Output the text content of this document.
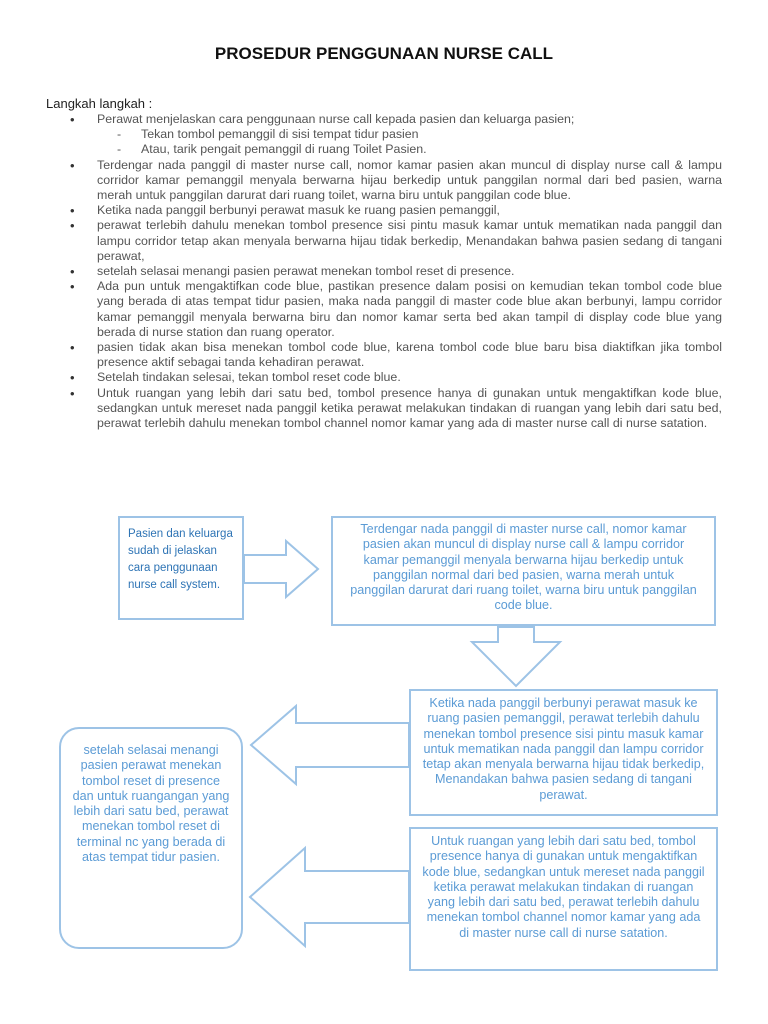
PROSEDUR PENGGUNAAN NURSE CALL
Langkah langkah :
• Perawat menjelaskan cara penggunaan nurse call kepada pasien dan keluarga pasien;
- Tekan tombol pemanggil di sisi tempat tidur pasien
- Atau, tarik pengait pemanggil di ruang Toilet Pasien.
• Terdengar nada panggil di master nurse call, nomor kamar pasien akan muncul di display nurse call & lampu corridor kamar pemanggil menyala berwarna hijau berkedip untuk panggilan normal dari bed pasien, warna merah untuk panggilan darurat dari ruang toilet, warna biru untuk panggilan code blue.
• Ketika nada panggil berbunyi perawat masuk ke ruang pasien pemanggil,
• perawat terlebih dahulu menekan tombol presence sisi pintu masuk kamar untuk mematikan nada panggil dan lampu corridor tetap akan menyala berwarna hijau tidak berkedip, Menandakan bahwa pasien sedang di tangani perawat,
• setelah selasai menangi pasien perawat menekan tombol reset di presence.
• Ada pun untuk mengaktifkan code blue, pastikan presence dalam posisi on kemudian tekan tombol code blue yang berada di atas tempat tidur pasien, maka nada panggil di master code blue akan berbunyi, lampu corridor kamar pemanggil menyala berwarna biru dan nomor kamar serta bed akan tampil di display code blue yang berada di nurse station dan ruang operator.
• pasien tidak akan bisa menekan tombol code blue, karena tombol code blue baru bisa diaktifkan jika tombol presence aktif sebagai tanda kehadiran perawat.
• Setelah tindakan selesai, tekan tombol reset code blue.
• Untuk ruangan yang lebih dari satu bed, tombol presence hanya di gunakan untuk mengaktifkan kode blue, sedangkan untuk mereset nada panggil ketika perawat melakukan tindakan di ruangan yang lebih dari satu bed, perawat terlebih dahulu menekan tombol channel nomor kamar yang ada di master nurse call di nurse satation.
Pasien dan keluarga sudah di jelaskan cara penggunaan nurse call system.
Terdengar nada panggil di master nurse call, nomor kamar pasien akan muncul di display nurse call & lampu corridor kamar pemanggil menyala berwarna hijau berkedip untuk panggilan normal dari bed pasien, warna merah untuk panggilan darurat dari ruang toilet, warna biru untuk panggilan code blue.
Ketika nada panggil berbunyi perawat masuk ke ruang pasien pemanggil, perawat terlebih dahulu menekan tombol presence sisi pintu masuk kamar untuk mematikan nada panggil dan lampu corridor tetap akan menyala berwarna hijau tidak berkedip, Menandakan bahwa pasien sedang di tangani perawat.
setelah selasai menangi pasien perawat menekan tombol reset di presence dan untuk ruangangan yang lebih dari satu bed, perawat menekan tombol reset di terminal nc yang berada di atas tempat tidur pasien.
Untuk ruangan yang lebih dari satu bed, tombol presence hanya di gunakan untuk mengaktifkan kode blue, sedangkan untuk mereset nada panggil ketika perawat melakukan tindakan di ruangan yang lebih dari satu bed, perawat terlebih dahulu menekan tombol channel nomor kamar yang ada di master nurse call di nurse satation.
